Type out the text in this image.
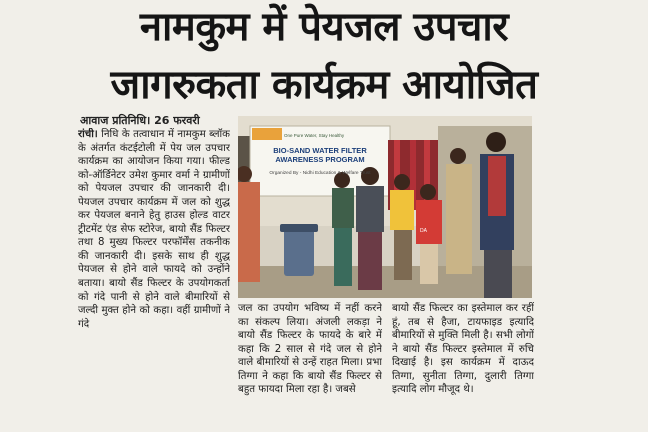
नामकुम में पेयजल उपचार
जागरुकता कार्यक्रम आयोजित
आवाज प्रतिनिधि। 26 फरवरी

रांची। निधि के तत्वाधान में नामकुम ब्लॉक के अंतर्गत कंटईटोली में पेय जल उपचार कार्यक्रम का आयोजन किया गया। फील्ड को-ऑर्डिनेटर उमेश कुमार वर्मा ने ग्रामीणों को पेयजल उपचार की जानकारी दी। पेयजल उपचार कार्यक्रम में जल को शुद्ध कर पेयजल बनाने हेतु हाउस होल्ड वाटर ट्रीटमेंट एंड सेफ स्टोरेज, बायो सैंड फिल्टर तथा 8 मुख्य फिल्टर परफॉर्मेंस तकनीक की जानकारी दी। इसके साथ ही शुद्ध पेयजल से होने वाले फायदे को उन्होंने बताया। बायो सैंड फिल्टर के उपयोगकर्ता को गंदे पानी से होने वाले बीमारियों से जल्दी मुक्त होने को कहा। वहीं ग्रामीणों ने गंदे

One Pure Water, Stay Healthy
BIO-SAND WATER FILTER AWARENESS PROGRAM
Organized By - Nidhi Education & Welfare Trust
DA

जल का उपयोग भविष्य में नहीं करने का संकल्प लिया। अंजली लकड़ा ने बायो सैंड फिल्टर के फायदे के बारे में कहा कि 2 साल से गंदे जल से होने वाले बीमारियों से उन्हें राहत मिला। प्रभा तिग्गा ने कहा कि बायो सैंड फिल्टर से बहुत फायदा मिला रहा है। जबसे

बायो सैंड फिल्टर का इस्तेमाल कर रहीं हूं, तब से हैजा, टायफाइड इत्यादि बीमारियों से मुक्ति मिली है। सभी लोगों ने बायो सैंड फिल्टर इस्तेमाल में रुचि दिखाई है। इस कार्यक्रम में दाऊद तिग्गा, सुनीता तिग्गा, दुलारी तिग्गा इत्यादि लोग मौजूद थे।
